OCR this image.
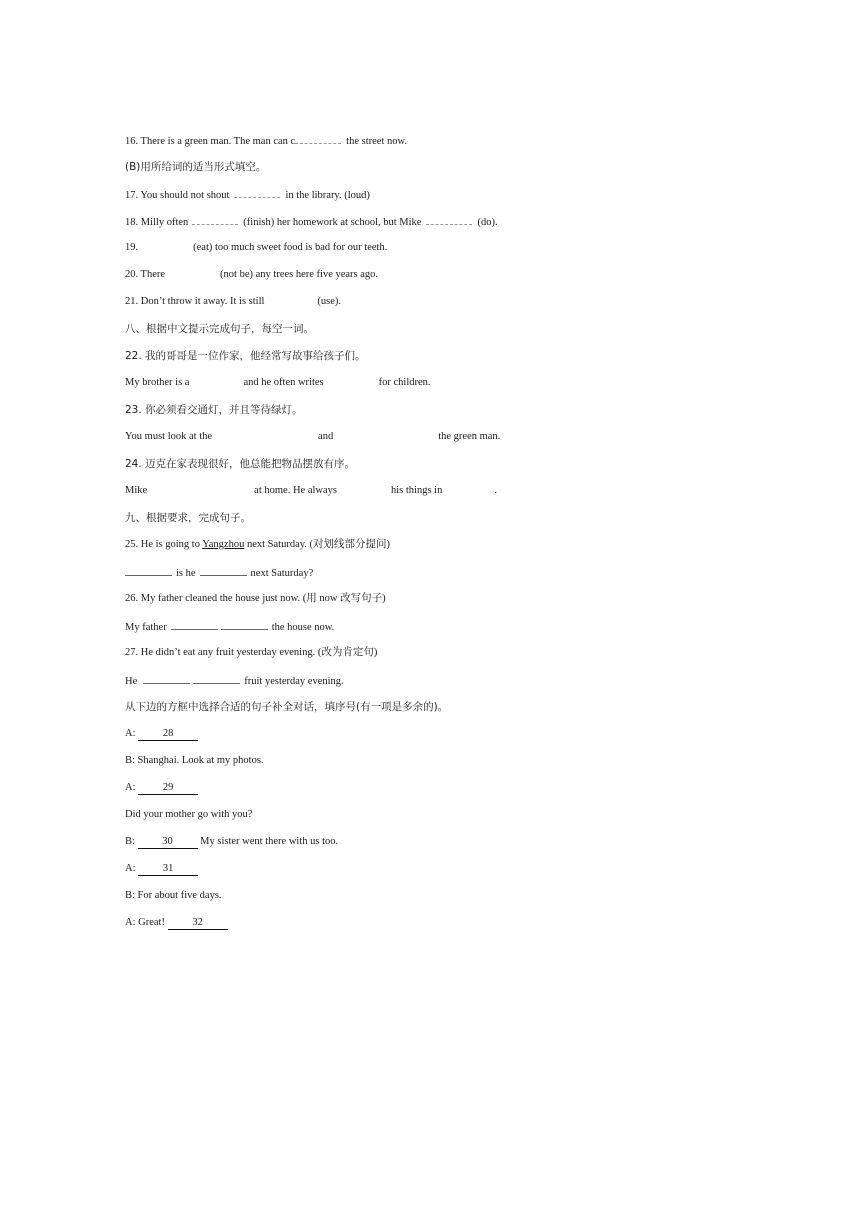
16. There is a green man. The man can c	the street now.
(B)用所给词的适当形式填空。
17. You should not shout	in the library. (loud)
18. Milly often	(finish) her homework at school, but Mike	(do).
19.	(eat) too much sweet food is bad for our teeth.
20. There	(not be) any trees here five years ago.
21. Don’t throw it away. It is still	(use).
八、根据中文提示完成句子，每空一词。
22. 我的哥哥是一位作家，他经常写故事给孩子们。
My brother is a	and he often writes	for children.
23. 你必须看交通灯，并且等待绿灯。
You must look at the	and	the green man.
24. 迈克在家表现很好，他总能把物品摆放有序。
Mike	at home. He always	his things in	.
九、根据要求，完成句子。
25. He is going to Yangzhou next Saturday. (对划线部分提问)
is he	next Saturday?
26. My father cleaned the house just now. (用 now 改写句子)
My father	the house now.
27. He didn’t eat any fruit yesterday evening. (改为肯定句)
He	fruit yesterday evening.
从下边的方框中选择合适的句子补全对话，填序号(有一项是多余的)。
A:	28
B: Shanghai. Look at my photos.
A:	29
Did your mother go with you?
B:	30	My sister went there with us too.
A:	31
B: For about five days.
A: Great!	32
